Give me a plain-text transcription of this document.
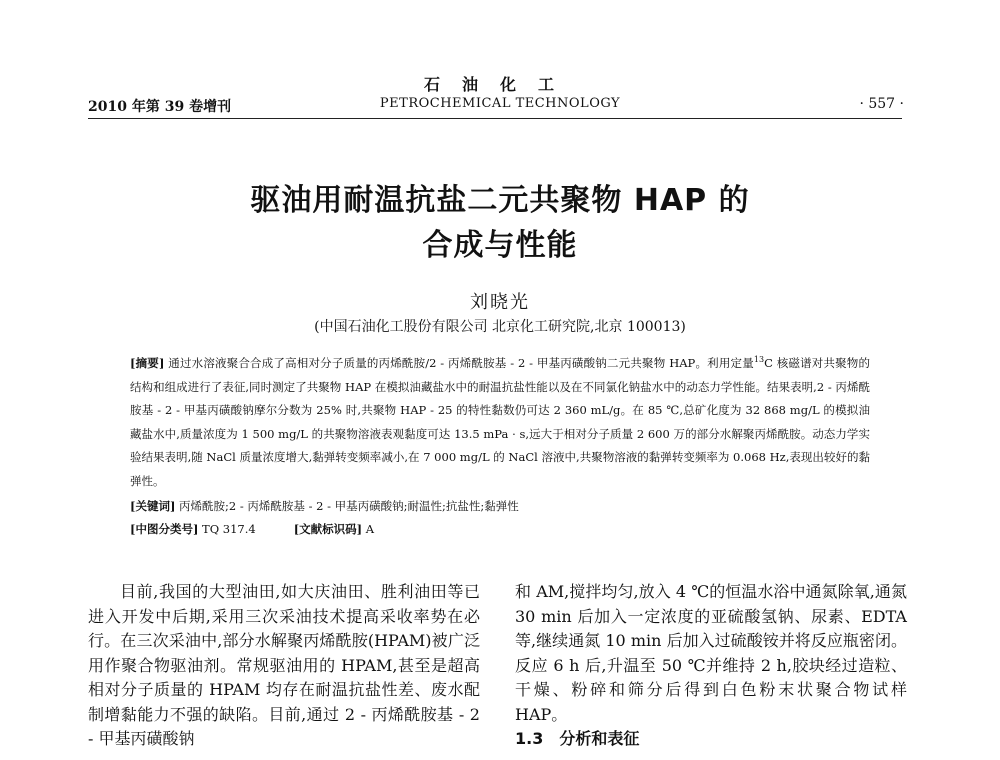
石油化工
2010 年第 39 卷增刊	PETROCHEMICAL TECHNOLOGY	· 557 ·
驱油用耐温抗盐二元共聚物 HAP 的
合成与性能
刘晓光
(中国石油化工股份有限公司 北京化工研究院,北京 100013)
[摘要] 通过水溶液聚合合成了高相对分子质量的丙烯酰胺/2 - 丙烯酰胺基 - 2 - 甲基丙磺酸钠二元共聚物 HAP。利用定量$^{13}$C 核磁谱对共聚物的结构和组成进行了表征,同时测定了共聚物 HAP 在模拟油藏盐水中的耐温抗盐性能以及在不同氯化钠盐水中的动态力学性能。结果表明,2 - 丙烯酰胺基 - 2 - 甲基丙磺酸钠摩尔分数为 25% 时,共聚物 HAP - 25 的特性黏数仍可达 2 360 mL/g。在 85 ℃,总矿化度为 32 868 mg/L 的模拟油藏盐水中,质量浓度为 1 500 mg/L 的共聚物溶液表观黏度可达 13.5 mPa · s,远大于相对分子质量 2 600 万的部分水解聚丙烯酰胺。动态力学实验结果表明,随 NaCl 质量浓度增大,黏弹转变频率减小,在 7 000 mg/L 的 NaCl 溶液中,共聚物溶液的黏弹转变频率为 0.068 Hz,表现出较好的黏弹性。
[关键词] 丙烯酰胺;2 - 丙烯酰胺基 - 2 - 甲基丙磺酸钠;耐温性;抗盐性;黏弹性
[中图分类号] TQ 317.4	[文献标识码] A
目前,我国的大型油田,如大庆油田、胜利油田等已进入开发中后期,采用三次采油技术提高采收率势在必行。在三次采油中,部分水解聚丙烯酰胺(HPAM)被广泛用作聚合物驱油剂。常规驱油用的 HPAM,甚至是超高相对分子质量的 HPAM 均存在耐温抗盐性差、废水配制增黏能力不强的缺陷。目前,通过 2 - 丙烯酰胺基 - 2 - 甲基丙磺酸钠
和 AM,搅拌均匀,放入 4 ℃的恒温水浴中通氮除氧,通氮 30 min 后加入一定浓度的亚硫酸氢钠、尿素、EDTA 等,继续通氮 10 min 后加入过硫酸铵并将反应瓶密闭。反应 6 h 后,升温至 50 ℃并维持 2 h,胶块经过造粒、干燥、粉碎和筛分后得到白色粉末状聚合物试样 HAP。
1.3　分析和表征
